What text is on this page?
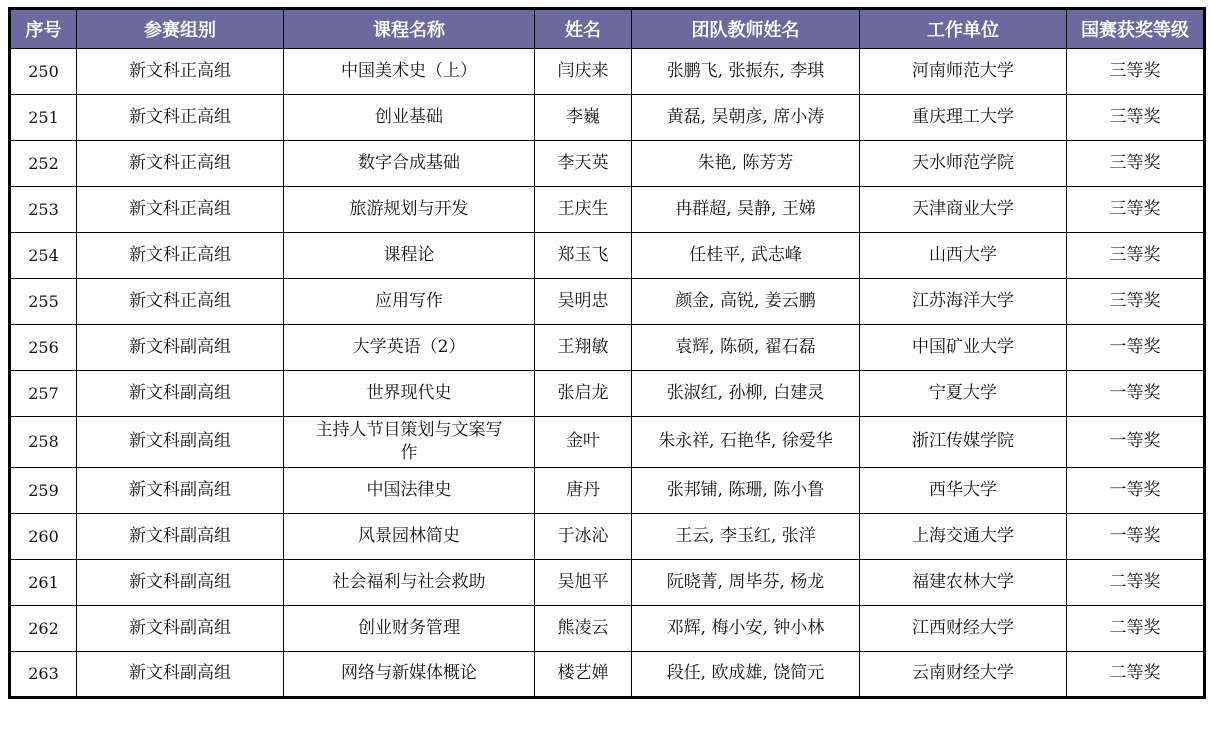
序号	参赛组别	课程名称	姓名	团队教师姓名	工作单位	国赛获奖等级
250	新文科正高组	中国美术史（上）	闫庆来	张鹏飞, 张振东, 李琪	河南师范大学	三等奖
251	新文科正高组	创业基础	李巍	黄磊, 吴朝彦, 席小涛	重庆理工大学	三等奖
252	新文科正高组	数字合成基础	李天英	朱艳, 陈芳芳	天水师范学院	三等奖
253	新文科正高组	旅游规划与开发	王庆生	冉群超, 吴静, 王娣	天津商业大学	三等奖
254	新文科正高组	课程论	郑玉飞	任桂平, 武志峰	山西大学	三等奖
255	新文科正高组	应用写作	吴明忠	颜金, 高锐, 姜云鹏	江苏海洋大学	三等奖
256	新文科副高组	大学英语（2）	王翔敏	袁辉, 陈硕, 翟石磊	中国矿业大学	一等奖
257	新文科副高组	世界现代史	张启龙	张淑红, 孙柳, 白建灵	宁夏大学	一等奖
258	新文科副高组	主持人节目策划与文案写作	金叶	朱永祥, 石艳华, 徐爱华	浙江传媒学院	一等奖
259	新文科副高组	中国法律史	唐丹	张邦铺, 陈珊, 陈小鲁	西华大学	一等奖
260	新文科副高组	风景园林简史	于冰沁	王云, 李玉红, 张洋	上海交通大学	一等奖
261	新文科副高组	社会福利与社会救助	吴旭平	阮晓菁, 周毕芬, 杨龙	福建农林大学	二等奖
262	新文科副高组	创业财务管理	熊凌云	邓辉, 梅小安, 钟小林	江西财经大学	二等奖
263	新文科副高组	网络与新媒体概论	楼艺婵	段任, 欧成雄, 饶简元	云南财经大学	二等奖
